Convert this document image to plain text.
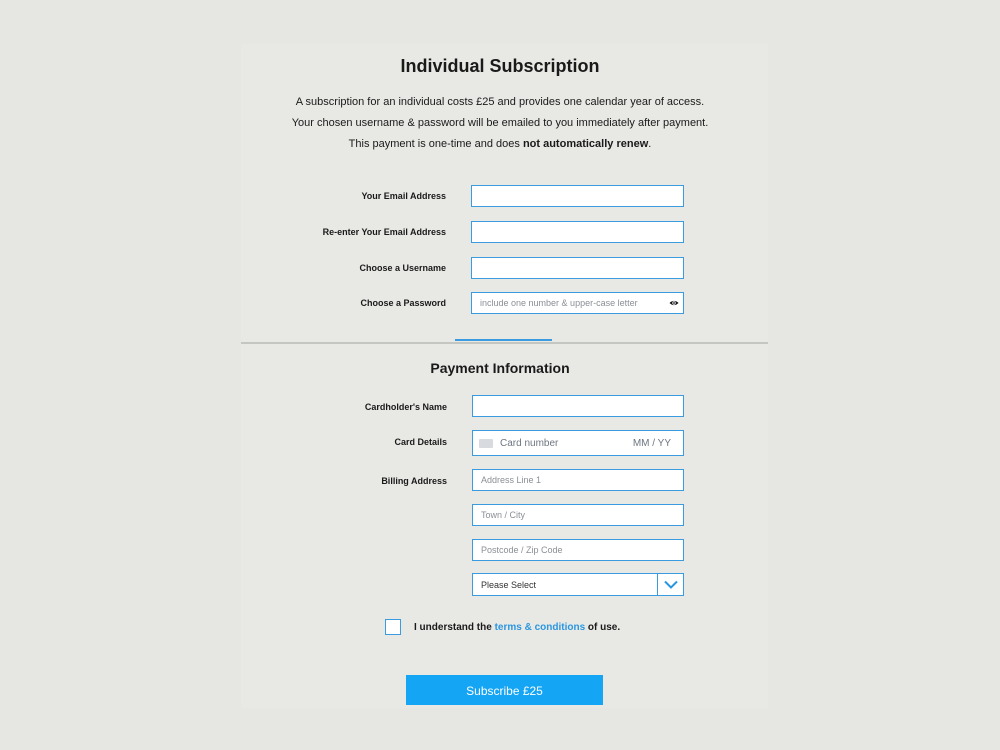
Individual Subscription
A subscription for an individual costs £25 and provides one calendar year of access.
Your chosen username & password will be emailed to you immediately after payment.
This payment is one-time and does not automatically renew.
Your Email Address
Re-enter Your Email Address
Choose a Username
Choose a Password
Payment Information
Cardholder's Name
Card Details	Card number	MM / YY
Billing Address
Address Line 1
Town / City
Postcode / Zip Code
Please Select
I understand the terms & conditions of use.
Subscribe £25
